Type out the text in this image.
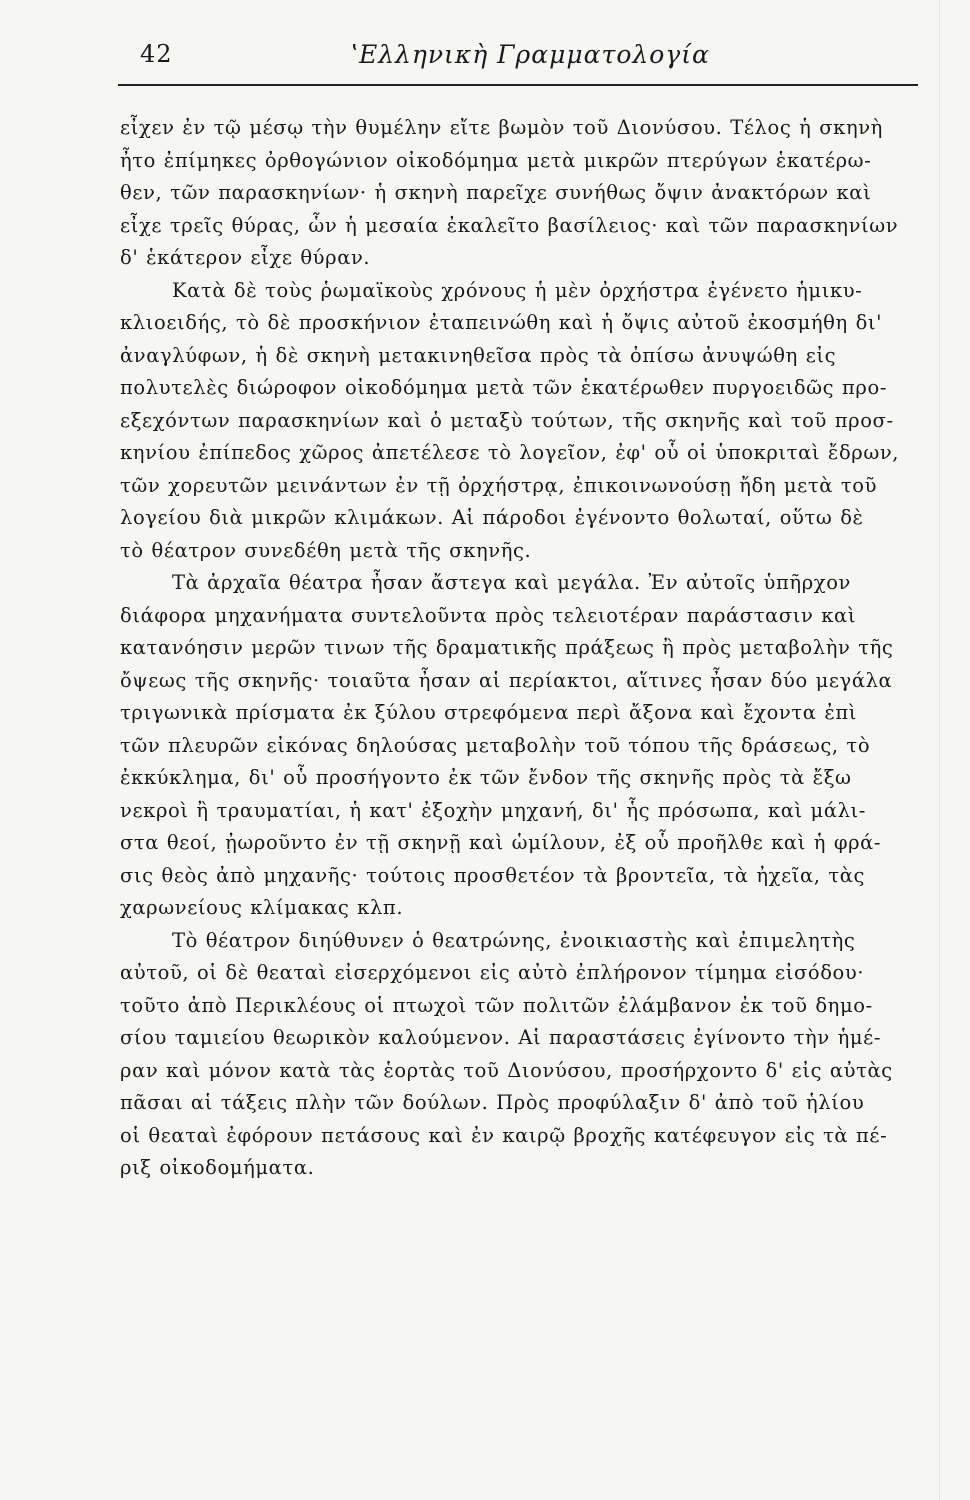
42	ʽΕλληνικὴ Γραμματολογία
εἶχεν ἐν τῷ μέσῳ τὴν θυμέλην εἴτε βωμὸν τοῦ Διονύσου. Τέλος ἡ σκηνὴ
ἦτο ἐπίμηκες ὀρθογώνιον οἰκοδόμημα μετὰ μικρῶν πτερύγων ἑκατέρω-
θεν, τῶν παρασκηνίων· ἡ σκηνὴ παρεῖχε συνήθως ὄψιν ἀνακτόρων καὶ
εἶχε τρεῖς θύρας, ὧν ἡ μεσαία ἐκαλεῖτο βασίλειος· καὶ τῶν παρασκηνίων
δ' ἑκάτερον εἶχε θύραν.
Κατὰ δὲ τοὺς ῥωμαϊκοὺς χρόνους ἡ μὲν ὀρχήστρα ἐγένετο ἡμικυ-
κλιοειδής, τὸ δὲ προσκήνιον ἐταπεινώθη καὶ ἡ ὄψις αὐτοῦ ἐκοσμήθη δι'
ἀναγλύφων, ἡ δὲ σκηνὴ μετακινηθεῖσα πρὸς τὰ ὀπίσω ἀνυψώθη εἰς
πολυτελὲς διώροφον οἰκοδόμημα μετὰ τῶν ἑκατέρωθεν πυργοειδῶς προ-
εξεχόντων παρασκηνίων καὶ ὁ μεταξὺ τούτων, τῆς σκηνῆς καὶ τοῦ προσ-
κηνίου ἐπίπεδος χῶρος ἀπετέλεσε τὸ λογεῖον, ἐφ' οὗ οἱ ὑποκριταὶ ἔδρων,
τῶν χορευτῶν μεινάντων ἐν τῇ ὀρχήστρᾳ, ἐπικοινωνούσῃ ἤδη μετὰ τοῦ
λογείου διὰ μικρῶν κλιμάκων. Αἱ πάροδοι ἐγένοντο θολωταί, οὕτω δὲ
τὸ θέατρον συνεδέθη μετὰ τῆς σκηνῆς.
Τὰ ἀρχαῖα θέατρα ἦσαν ἄστεγα καὶ μεγάλα. Ἐν αὐτοῖς ὑπῆρχον
διάφορα μηχανήματα συντελοῦντα πρὸς τελειοτέραν παράστασιν καὶ
κατανόησιν μερῶν τινων τῆς δραματικῆς πράξεως ἢ πρὸς μεταβολὴν τῆς
ὄψεως τῆς σκηνῆς· τοιαῦτα ἦσαν αἱ περίακτοι, αἵτινες ἦσαν δύο μεγάλα
τριγωνικὰ πρίσματα ἐκ ξύλου στρεφόμενα περὶ ἄξονα καὶ ἔχοντα ἐπὶ
τῶν πλευρῶν εἰκόνας δηλούσας μεταβολὴν τοῦ τόπου τῆς δράσεως, τὸ
ἐκκύκλημα, δι' οὗ προσήγοντο ἐκ τῶν ἔνδον τῆς σκηνῆς πρὸς τὰ ἔξω
νεκροὶ ἢ τραυματίαι, ἡ κατ' ἐξοχὴν μηχανή, δι' ἧς πρόσωπα, καὶ μάλι-
στα θεοί, ᾐωροῦντο ἐν τῇ σκηνῇ καὶ ὡμίλουν, ἐξ οὗ προῆλθε καὶ ἡ φρά-
σις θεὸς ἀπὸ μηχανῆς· τούτοις προσθετέον τὰ βροντεῖα, τὰ ἠχεῖα, τὰς
χαρωνείους κλίμακας κλπ.
Τὸ θέατρον διηύθυνεν ὁ θεατρώνης, ἐνοικιαστὴς καὶ ἐπιμελητὴς
αὐτοῦ, οἱ δὲ θεαταὶ εἰσερχόμενοι εἰς αὐτὸ ἐπλήρονον τίμημα εἰσόδου·
τοῦτο ἀπὸ Περικλέους οἱ πτωχοὶ τῶν πολιτῶν ἐλάμβανον ἐκ τοῦ δημο-
σίου ταμιείου θεωρικὸν καλούμενον. Αἱ παραστάσεις ἐγίνοντο τὴν ἡμέ-
ραν καὶ μόνον κατὰ τὰς ἑορτὰς τοῦ Διονύσου, προσήρχοντο δ' εἰς αὐτὰς
πᾶσαι αἱ τάξεις πλὴν τῶν δούλων. Πρὸς προφύλαξιν δ' ἀπὸ τοῦ ἡλίου
οἱ θεαταὶ ἐφόρουν πετάσους καὶ ἐν καιρῷ βροχῆς κατέφευγον εἰς τὰ πέ-
ριξ οἰκοδομήματα.
